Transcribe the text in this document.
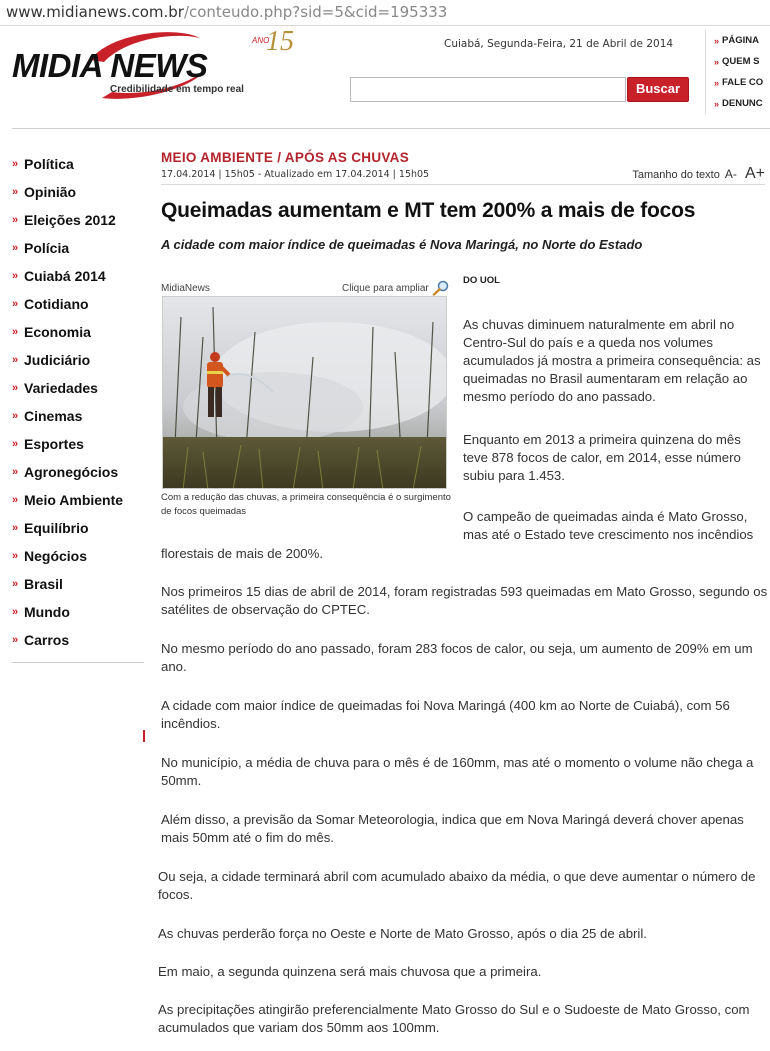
www.midianews.com.br/conteudo.php?sid=5&cid=195333
MIDIA NEWS
Credibilidade em tempo real
ANO
15	Cuiabá, Segunda-Feira, 21 de Abril de 2014
Buscar
» PÁGINA
» QUEM S
» FALE CO
» DENUNC
» Política
» Opinião
» Eleições 2012
» Polícia
» Cuiabá 2014
» Cotidiano
» Economia
» Judiciário
» Variedades
» Cinemas
» Esportes
» Agronegócios
» Meio Ambiente
» Equilíbrio
» Negócios
» Brasil
» Mundo
» Carros
MEIO AMBIENTE / APÓS AS CHUVAS
17.04.2014 | 15h05 - Atualizado em 17.04.2014 | 15h05	Tamanho do texto A- A+
Queimadas aumentam e MT tem 200% a mais de focos
A cidade com maior índice de queimadas é Nova Maringá, no Norte do Estado
MidiaNews	Clique para ampliar
Com a redução das chuvas, a primeira consequência é o surgimento de focos queimadas
DO UOL

As chuvas diminuem naturalmente em abril no Centro-Sul do país e a queda nos volumes acumulados já mostra a primeira consequência: as queimadas no Brasil aumentaram em relação ao mesmo período do ano passado.

Enquanto em 2013 a primeira quinzena do mês teve 878 focos de calor, em 2014, esse número subiu para 1.453.

O campeão de queimadas ainda é Mato Grosso, mas até o Estado teve crescimento nos incêndios

florestais de mais de 200%.

Nos primeiros 15 dias de abril de 2014, foram registradas 593 queimadas em Mato Grosso, segundo os satélites de observação do CPTEC.

No mesmo período do ano passado, foram 283 focos de calor, ou seja, um aumento de 209% em um ano.

A cidade com maior índice de queimadas foi Nova Maringá (400 km ao Norte de Cuiabá), com 56 incêndios.

No município, a média de chuva para o mês é de 160mm, mas até o momento o volume não chega a 50mm.

Além disso, a previsão da Somar Meteorologia, indica que em Nova Maringá deverá chover apenas mais 50mm até o fim do mês.

Ou seja, a cidade terminará abril com acumulado abaixo da média, o que deve aumentar o número de focos.

As chuvas perderão força no Oeste e Norte de Mato Grosso, após o dia 25 de abril.

Em maio, a segunda quinzena será mais chuvosa que a primeira.

As precipitações atingirão preferencialmente Mato Grosso do Sul e o Sudoeste de Mato Grosso, com acumulados que variam dos 50mm aos 100mm.
